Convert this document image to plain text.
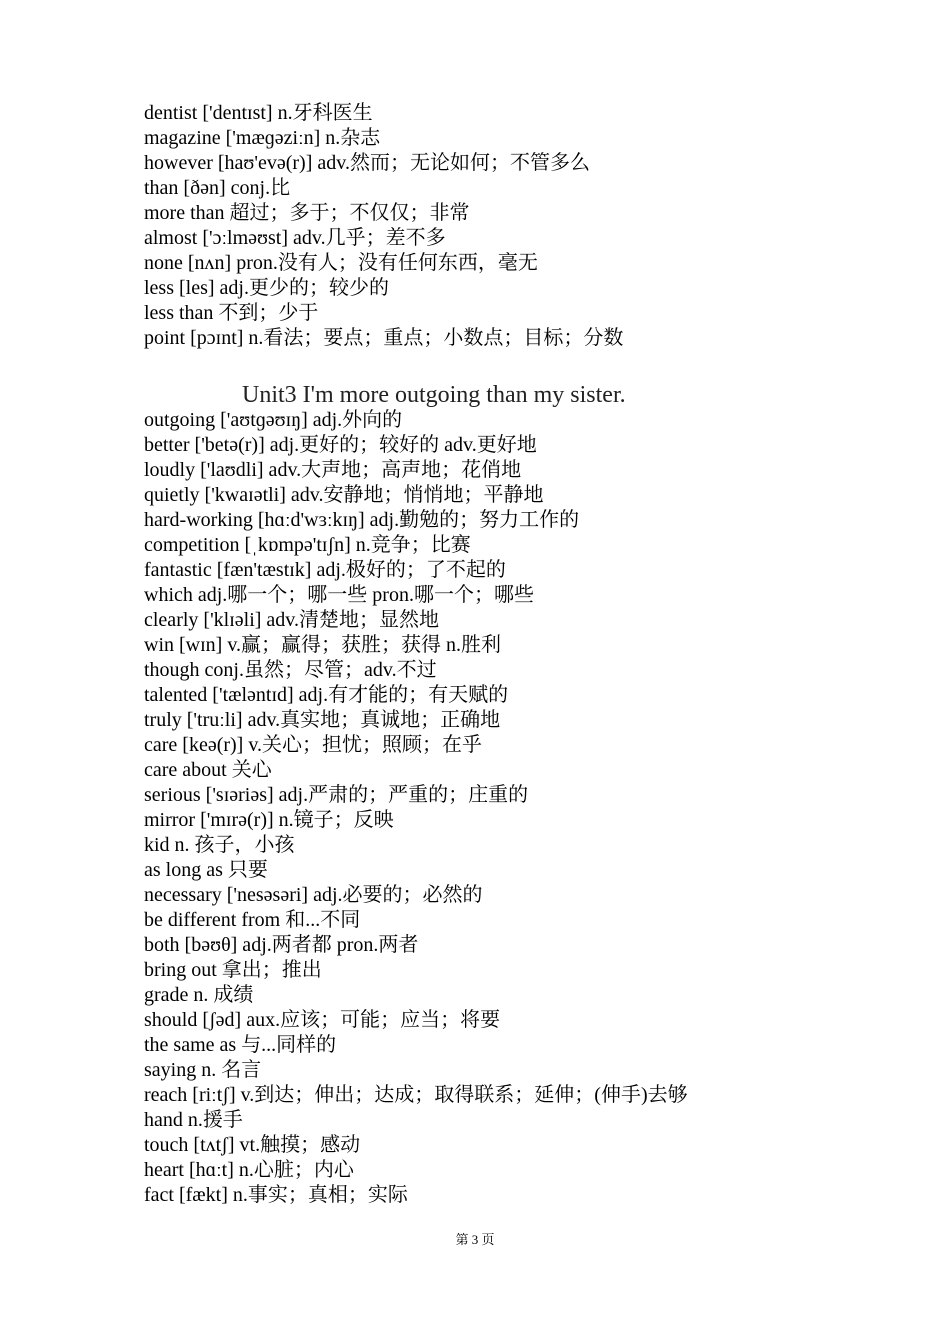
dentist ['dentɪst] n.牙科医生
magazine ['mæɡəziːn] n.杂志
however [haʊ'evə(r)] adv.然而；无论如何；不管多么
than [ðən] conj.比
more than 超过；多于；不仅仅；非常
almost ['ɔːlməʊst] adv.几乎；差不多
none [nʌn] pron.没有人；没有任何东西，毫无
less [les] adj.更少的；较少的
less than 不到；少于
point [pɔɪnt] n.看法；要点；重点；小数点；目标；分数
Unit3 I'm more outgoing than my sister.
outgoing ['aʊtɡəʊɪŋ] adj.外向的
better ['betə(r)] adj.更好的；较好的 adv.更好地
loudly ['laʊdli] adv.大声地；高声地；花俏地
quietly ['kwaɪətli] adv.安静地；悄悄地；平静地
hard-working [hɑːd'wɜːkɪŋ] adj.勤勉的；努力工作的
competition [ˌkɒmpə'tɪʃn] n.竞争；比赛
fantastic [fæn'tæstɪk] adj.极好的；了不起的
which adj.哪一个；哪一些 pron.哪一个；哪些
clearly ['klɪəli] adv.清楚地；显然地
win [wɪn] v.赢；赢得；获胜；获得 n.胜利
though conj.虽然；尽管；adv.不过
talented ['tæləntɪd] adj.有才能的；有天赋的
truly ['truːli] adv.真实地；真诚地；正确地
care [keə(r)] v.关心；担忧；照顾；在乎
care about 关心
serious ['sɪəriəs] adj.严肃的；严重的；庄重的
mirror ['mɪrə(r)] n.镜子；反映
kid n. 孩子，小孩
as long as 只要
necessary ['nesəsəri] adj.必要的；必然的
be different from 和...不同
both [bəʊθ] adj.两者都 pron.两者
bring out 拿出；推出
grade n. 成绩
should [ʃəd] aux.应该；可能；应当；将要
the same as 与...同样的
saying n. 名言
reach [riːtʃ] v.到达；伸出；达成；取得联系；延伸；(伸手)去够
hand n.援手
touch [tʌtʃ] vt.触摸；感动
heart [hɑːt] n.心脏；内心
fact [fækt] n.事实；真相；实际
第 3 页
